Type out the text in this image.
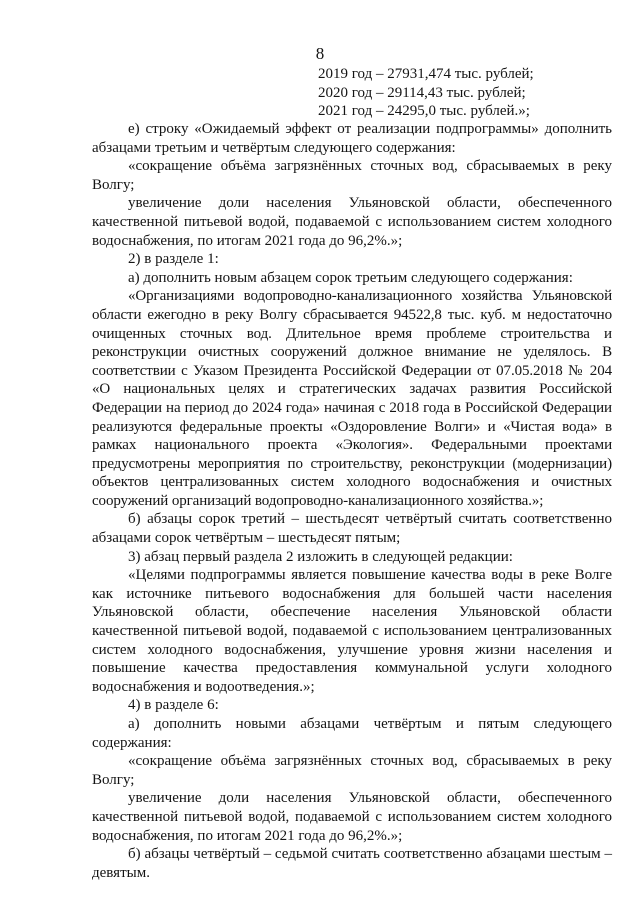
8
2019 год – 27931,474 тыс. рублей;
2020 год – 29114,43 тыс. рублей;
2021 год – 24295,0 тыс. рублей.»;

е) строку «Ожидаемый эффект от реализации подпрограммы» дополнить абзацами третьим и четвёртым следующего содержания:

«сокращение объёма загрязнённых сточных вод, сбрасываемых в реку Волгу;

увеличение доли населения Ульяновской области, обеспеченного качественной питьевой водой, подаваемой с использованием систем холодного водоснабжения, по итогам 2021 года до 96,2%.»;

2) в разделе 1:

а) дополнить новым абзацем сорок третьим следующего содержания:

«Организациями водопроводно-канализационного хозяйства Ульяновской области ежегодно в реку Волгу сбрасывается 94522,8 тыс. куб. м недостаточно очищенных сточных вод. Длительное время проблеме строительства и реконструкции очистных сооружений должное внимание не уделялось. В соответствии с Указом Президента Российской Федерации от 07.05.2018 № 204 «О национальных целях и стратегических задачах развития Российской Федерации на период до 2024 года» начиная с 2018 года в Российской Федерации реализуются федеральные проекты «Оздоровление Волги» и «Чистая вода» в рамках национального проекта «Экология». Федеральными проектами предусмотрены мероприятия по строительству, реконструкции (модернизации) объектов централизованных систем холодного водоснабжения и очистных сооружений организаций водопроводно-канализационного хозяйства.»;

б) абзацы сорок третий – шестьдесят четвёртый считать соответственно абзацами сорок четвёртым – шестьдесят пятым;

3) абзац первый раздела 2 изложить в следующей редакции:

«Целями подпрограммы является повышение качества воды в реке Волге как источнике питьевого водоснабжения для большей части населения Ульяновской области, обеспечение населения Ульяновской области качественной питьевой водой, подаваемой с использованием централизованных систем холодного водоснабжения, улучшение уровня жизни населения и повышение качества предоставления коммунальной услуги холодного водоснабжения и водоотведения.»;

4) в разделе 6:

а) дополнить новыми абзацами четвёртым и пятым следующего содержания:

«сокращение объёма загрязнённых сточных вод, сбрасываемых в реку Волгу;

увеличение доли населения Ульяновской области, обеспеченного качественной питьевой водой, подаваемой с использованием систем холодного водоснабжения, по итогам 2021 года до 96,2%.»;

б) абзацы четвёртый – седьмой считать соответственно абзацами шестым – девятым.
